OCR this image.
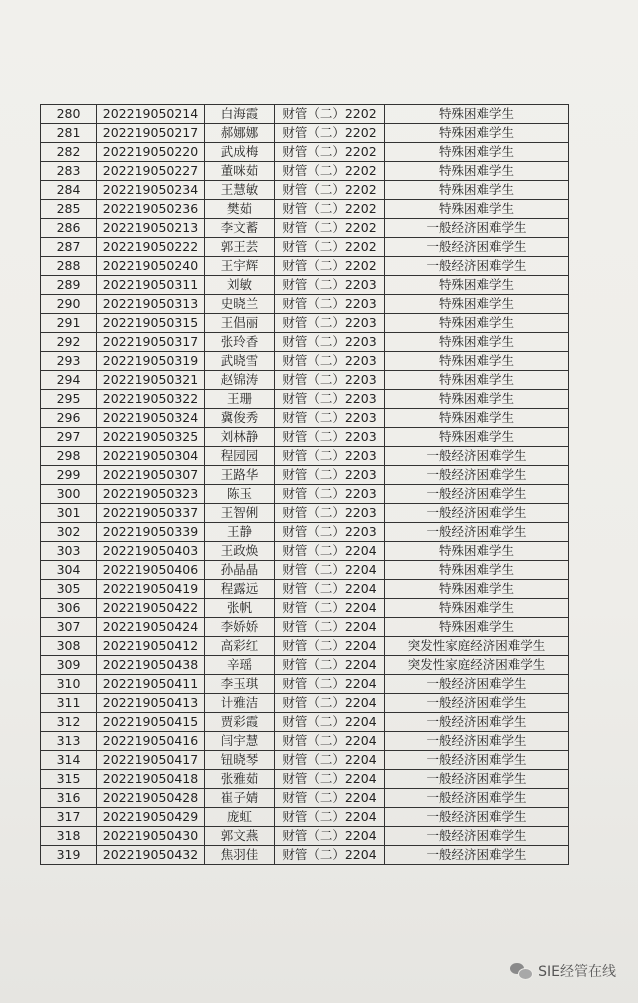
280	202219050214	白海霞	财管（二）2202	特殊困难学生
281	202219050217	郝娜娜	财管（二）2202	特殊困难学生
282	202219050220	武成梅	财管（二）2202	特殊困难学生
283	202219050227	董咪茹	财管（二）2202	特殊困难学生
284	202219050234	王慧敏	财管（二）2202	特殊困难学生
285	202219050236	樊茹	财管（二）2202	特殊困难学生
286	202219050213	李文蓄	财管（二）2202	一般经济困难学生
287	202219050222	郭王芸	财管（二）2202	一般经济困难学生
288	202219050240	王宇辉	财管（二）2202	一般经济困难学生
289	202219050311	刘敏	财管（二）2203	特殊困难学生
290	202219050313	史晓兰	财管（二）2203	特殊困难学生
291	202219050315	王倡丽	财管（二）2203	特殊困难学生
292	202219050317	张玲香	财管（二）2203	特殊困难学生
293	202219050319	武晓雪	财管（二）2203	特殊困难学生
294	202219050321	赵锦涛	财管（二）2203	特殊困难学生
295	202219050322	王珊	财管（二）2203	特殊困难学生
296	202219050324	冀俊秀	财管（二）2203	特殊困难学生
297	202219050325	刘林静	财管（二）2203	特殊困难学生
298	202219050304	程园园	财管（二）2203	一般经济困难学生
299	202219050307	王路华	财管（二）2203	一般经济困难学生
300	202219050323	陈玉	财管（二）2203	一般经济困难学生
301	202219050337	王智俐	财管（二）2203	一般经济困难学生
302	202219050339	王静	财管（二）2203	一般经济困难学生
303	202219050403	王政焕	财管（二）2204	特殊困难学生
304	202219050406	孙晶晶	财管（二）2204	特殊困难学生
305	202219050419	程露远	财管（二）2204	特殊困难学生
306	202219050422	张帆	财管（二）2204	特殊困难学生
307	202219050424	李娇娇	财管（二）2204	特殊困难学生
308	202219050412	高彩红	财管（二）2204	突发性家庭经济困难学生
309	202219050438	辛瑶	财管（二）2204	突发性家庭经济困难学生
310	202219050411	李玉琪	财管（二）2204	一般经济困难学生
311	202219050413	计雅洁	财管（二）2204	一般经济困难学生
312	202219050415	贾彩霞	财管（二）2204	一般经济困难学生
313	202219050416	闫宇慧	财管（二）2204	一般经济困难学生
314	202219050417	钮晓琴	财管（二）2204	一般经济困难学生
315	202219050418	张雅茹	财管（二）2204	一般经济困难学生
316	202219050428	崔子婧	财管（二）2204	一般经济困难学生
317	202219050429	庞虹	财管（二）2204	一般经济困难学生
318	202219050430	郭文燕	财管（二）2204	一般经济困难学生
319	202219050432	焦羽佳	财管（二）2204	一般经济困难学生
SIE经管在线
